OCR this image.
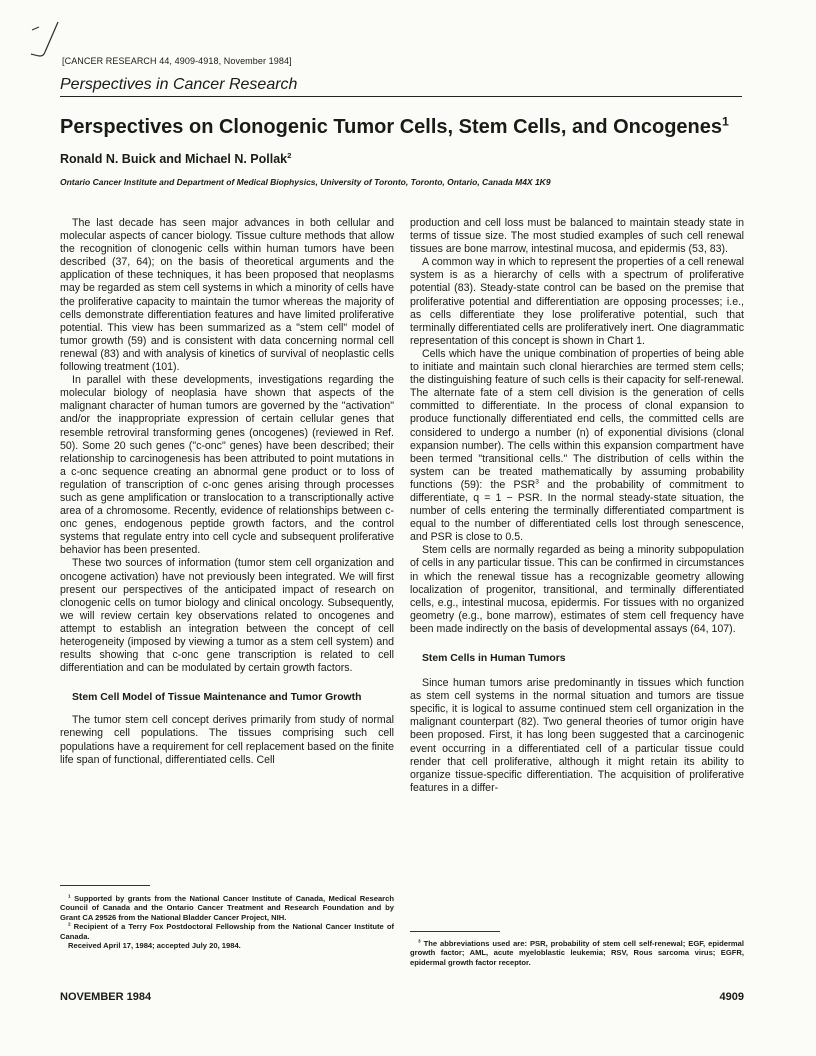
[CANCER RESEARCH 44, 4909-4918, November 1984]
Perspectives in Cancer Research
Perspectives on Clonogenic Tumor Cells, Stem Cells, and Oncogenes$^1$
Ronald N. Buick and Michael N. Pollak$^2$
Ontario Cancer Institute and Department of Medical Biophysics, University of Toronto, Toronto, Ontario, Canada M4X 1K9

The last decade has seen major advances in both cellular and molecular aspects of cancer biology. Tissue culture methods that allow the recognition of clonogenic cells within human tumors have been described (37, 64); on the basis of theoretical arguments and the application of these techniques, it has been proposed that neoplasms may be regarded as stem cell systems in which a minority of cells have the proliferative capacity to maintain the tumor whereas the majority of cells demonstrate differentiation features and have limited proliferative potential. This view has been summarized as a "stem cell" model of tumor growth (59) and is consistent with data concerning normal cell renewal (83) and with analysis of kinetics of survival of neoplastic cells following treatment (101).

In parallel with these developments, investigations regarding the molecular biology of neoplasia have shown that aspects of the malignant character of human tumors are governed by the "activation" and/or the inappropriate expression of certain cellular genes that resemble retroviral transforming genes (oncogenes) (reviewed in Ref. 50). Some 20 such genes ("c-onc" genes) have been described; their relationship to carcinogenesis has been attributed to point mutations in a c-onc sequence creating an abnormal gene product or to loss of regulation of transcription of c-onc genes arising through processes such as gene amplification or translocation to a transcriptionally active area of a chromosome. Recently, evidence of relationships between c-onc genes, endogenous peptide growth factors, and the control systems that regulate entry into cell cycle and subsequent proliferative behavior has been presented.

These two sources of information (tumor stem cell organization and oncogene activation) have not previously been integrated. We will first present our perspectives of the anticipated impact of research on clonogenic cells on tumor biology and clinical oncology. Subsequently, we will review certain key observations related to oncogenes and attempt to establish an integration between the concept of cell heterogeneity (imposed by viewing a tumor as a stem cell system) and results showing that c-onc gene transcription is related to cell differentiation and can be modulated by certain growth factors.

Stem Cell Model of Tissue Maintenance and Tumor Growth

The tumor stem cell concept derives primarily from study of normal renewing cell populations. The tissues comprising such cell populations have a requirement for cell replacement based on the finite life span of functional, differentiated cells. Cell

$^1$ Supported by grants from the National Cancer Institute of Canada, Medical Research Council of Canada and the Ontario Cancer Treatment and Research Foundation and by Grant CA 29526 from the National Bladder Cancer Project, NIH.

$^2$ Recipient of a Terry Fox Postdoctoral Fellowship from the National Cancer Institute of Canada.

Received April 17, 1984; accepted July 20, 1984.

production and cell loss must be balanced to maintain steady state in terms of tissue size. The most studied examples of such cell renewal tissues are bone marrow, intestinal mucosa, and epidermis (53, 83).

A common way in which to represent the properties of a cell renewal system is as a hierarchy of cells with a spectrum of proliferative potential (83). Steady-state control can be based on the premise that proliferative potential and differentiation are opposing processes; i.e., as cells differentiate they lose proliferative potential, such that terminally differentiated cells are proliferatively inert. One diagrammatic representation of this concept is shown in Chart 1.

Cells which have the unique combination of properties of being able to initiate and maintain such clonal hierarchies are termed stem cells; the distinguishing feature of such cells is their capacity for self-renewal. The alternate fate of a stem cell division is the generation of cells committed to differentiate. In the process of clonal expansion to produce functionally differentiated end cells, the committed cells are considered to undergo a number (n) of exponential divisions (clonal expansion number). The cells within this expansion compartment have been termed "transitional cells." The distribution of cells within the system can be treated mathematically by assuming probability functions (59): the PSR$^3$ and the probability of commitment to differentiate, q = 1 − PSR. In the normal steady-state situation, the number of cells entering the terminally differentiated compartment is equal to the number of differentiated cells lost through senescence, and PSR is close to 0.5.

Stem cells are normally regarded as being a minority subpopulation of cells in any particular tissue. This can be confirmed in circumstances in which the renewal tissue has a recognizable geometry allowing localization of progenitor, transitional, and terminally differentiated cells, e.g., intestinal mucosa, epidermis. For tissues with no organized geometry (e.g., bone marrow), estimates of stem cell frequency have been made indirectly on the basis of developmental assays (64, 107).

Stem Cells in Human Tumors

Since human tumors arise predominantly in tissues which function as stem cell systems in the normal situation and tumors are tissue specific, it is logical to assume continued stem cell organization in the malignant counterpart (82). Two general theories of tumor origin have been proposed. First, it has long been suggested that a carcinogenic event occurring in a differentiated cell of a particular tissue could render that cell proliferative, although it might retain its ability to organize tissue-specific differentiation. The acquisition of proliferative features in a differ-

$^3$ The abbreviations used are: PSR, probability of stem cell self-renewal; EGF, epidermal growth factor; AML, acute myeloblastic leukemia; RSV, Rous sarcoma virus; EGFR, epidermal growth factor receptor.

NOVEMBER 1984	4909
